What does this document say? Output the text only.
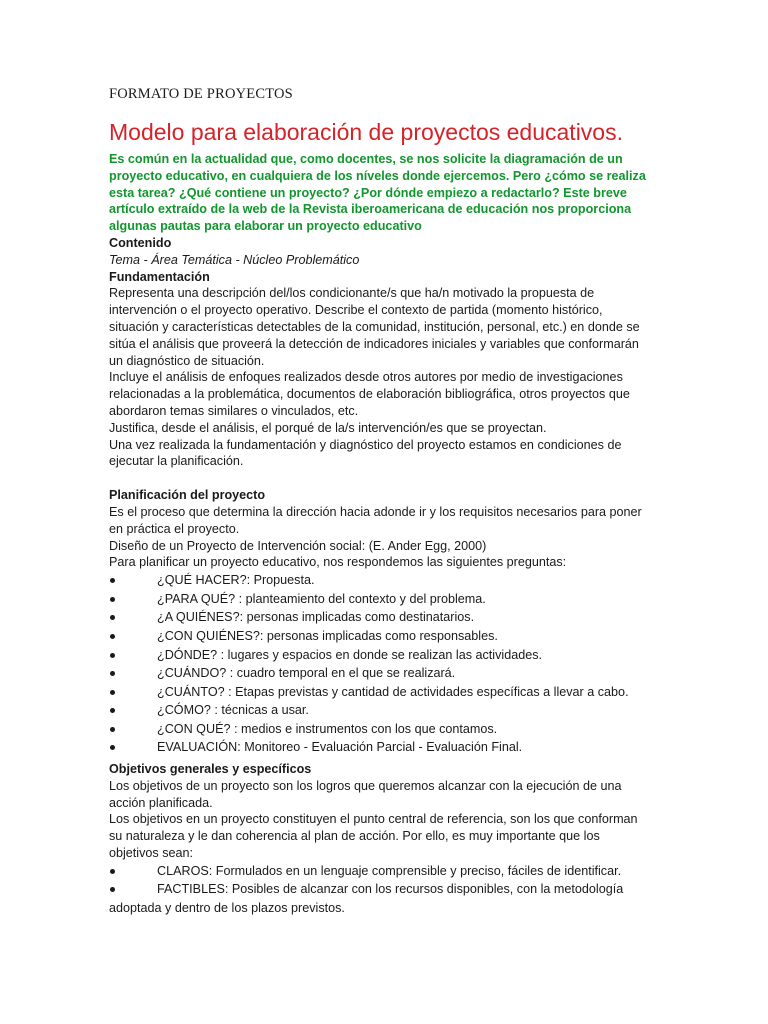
FORMATO DE PROYECTOS
Modelo para elaboración de proyectos educativos.

Es común en la actualidad que, como docentes, se nos solicite la diagramación de un proyecto educativo, en cualquiera de los níveles donde ejercemos. Pero ¿cómo se realiza esta tarea? ¿Qué contiene un proyecto? ¿Por dónde empiezo a redactarlo? Este breve artículo extraído de la web de la Revista iberoamericana de educación nos proporciona algunas pautas para elaborar un proyecto educativo

Contenido

Tema - Área Temática - Núcleo Problemático

Fundamentación

Representa una descripción del/los condicionante/s que ha/n motivado la propuesta de intervención o el proyecto operativo. Describe el contexto de partida (momento histórico, situación y características detectables de la comunidad, institución, personal, etc.) en donde se sitúa el análisis que proveerá la detección de indicadores iniciales y variables que conformarán un diagnóstico de situación.

Incluye el análisis de enfoques realizados desde otros autores por medio de investigaciones relacionadas a la problemática, documentos de elaboración bibliográfica, otros proyectos que abordaron temas similares o vinculados, etc.

Justifica, desde el análisis, el porqué de la/s intervención/es que se proyectan.

Una vez realizada la fundamentación y diagnóstico del proyecto estamos en condiciones de ejecutar la planificación.

Planificación del proyecto

Es el proceso que determina la dirección hacia adonde ir y los requisitos necesarios para poner en práctica el proyecto.

Diseño de un Proyecto de Intervención social: (E. Ander Egg, 2000)

Para planificar un proyecto educativo, nos respondemos las siguientes preguntas:

¿QUÉ HACER?: Propuesta.
¿PARA QUÉ? : planteamiento del contexto y del problema.
¿A QUIÉNES?: personas implicadas como destinatarios.
¿CON QUIÉNES?: personas implicadas como responsables.
¿DÓNDE? : lugares y espacios en donde se realizan las actividades.
¿CUÁNDO? : cuadro temporal en el que se realizará.
¿CUÁNTO? : Etapas previstas y cantidad de actividades específicas a llevar a cabo.
¿CÓMO? : técnicas a usar.
¿CON QUÉ? : medios e instrumentos con los que contamos.
EVALUACIÓN: Monitoreo - Evaluación Parcial - Evaluación Final.

Objetivos generales y específicos

Los objetivos de un proyecto son los logros que queremos alcanzar con la ejecución de una acción planificada.

Los objetivos en un proyecto constituyen el punto central de referencia, son los que conforman su naturaleza y le dan coherencia al plan de acción. Por ello, es muy importante que los objetivos sean:

CLAROS: Formulados en un lenguaje comprensible y preciso, fáciles de identificar.
FACTIBLES: Posibles de alcanzar con los recursos disponibles, con la metodología adoptada y dentro de los plazos previstos.
